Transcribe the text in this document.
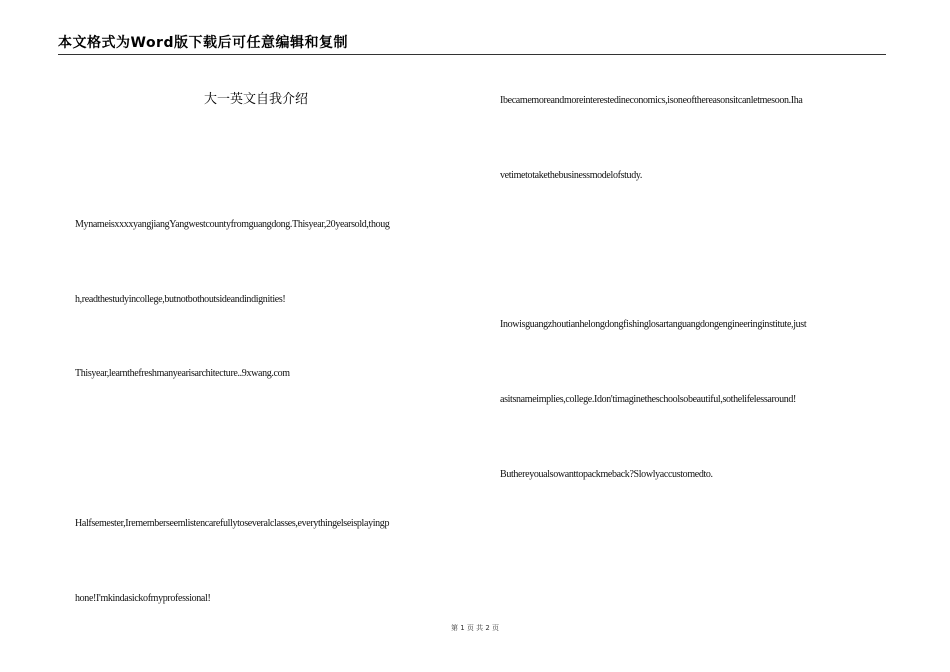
本文格式为Word版下载后可任意编辑和复制
大一英文自我介绍
MynameisxxxxyangjiangYangwestcountyfromguangdong.Thisyear,20yearsold,thoug
h,readthestudyincollege,butnotbothoutsideandindignities!
Thisyear,learnthefreshmanyearisarchitecture..9xwang.com
Halfsemester,Irememberseemlistencarefullytoseveralclasses,everythingelseisplayingp
hone!I'mkindasickofmyprofessional!
Ibecamemoreandmoreinterestedineconomics,isoneofthereasonsitcanletmesoon.Iha
vetimetotakethebusinessmodelofstudy.
Inowisguangzhoutianhelongdongfishinglosartanguangdongengineeringinstitute,just
asitsnameimplies,college.Idon'timaginetheschoolsobeautiful,sothelifelessaround!
Buthereyoualsowanttopackmeback?Slowlyaccustomedto.
第 1 页 共 2 页
